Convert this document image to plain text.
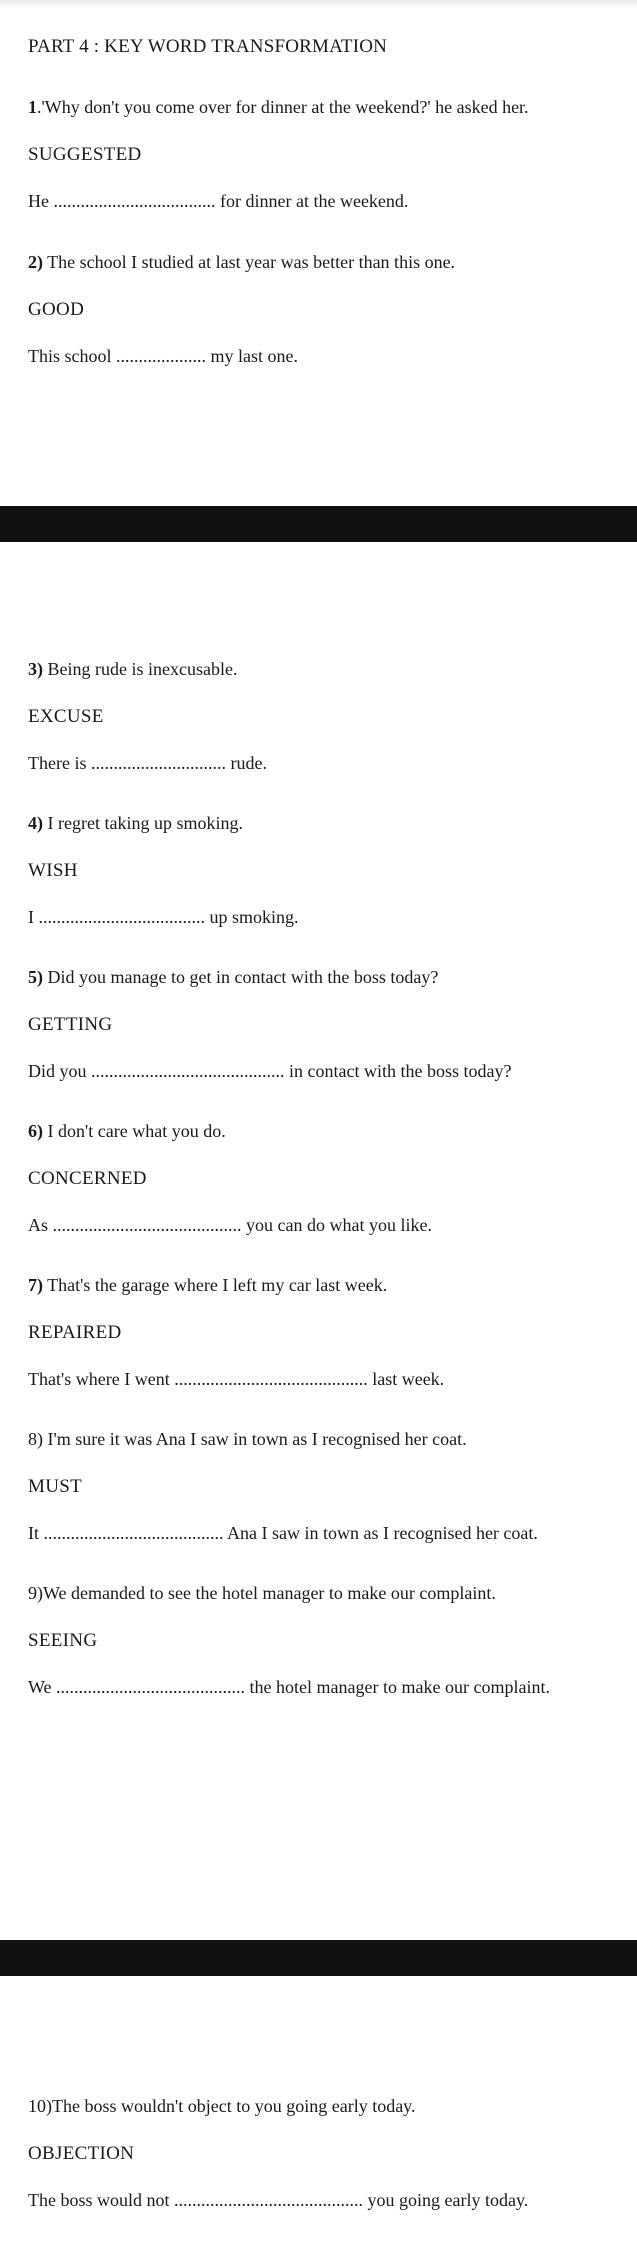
PART 4 : KEY WORD TRANSFORMATION
1.'Why don't you come over for dinner at the weekend?' he asked her.
SUGGESTED
He .................................... for dinner at the weekend.
2) The school I studied at last year was better than this one.
GOOD
This school .................... my last one.
3) Being rude is inexcusable.
EXCUSE
There is .............................. rude.
4) I regret taking up smoking.
WISH
I ..................................... up smoking.
5) Did you manage to get in contact with the boss today?
GETTING
Did you ........................................... in contact with the boss today?
6) I don't care what you do.
CONCERNED
As .......................................... you can do what you like.
7) That's the garage where I left my car last week.
REPAIRED
That's where I went ........................................... last week.
8) I'm sure it was Ana I saw in town as I recognised her coat.
MUST
It ........................................ Ana I saw in town as I recognised her coat.
9)We demanded to see the hotel manager to make our complaint.
SEEING
We .......................................... the hotel manager to make our complaint.
10)The boss wouldn't object to you going early today.
OBJECTION
The boss would not .......................................... you going early today.
